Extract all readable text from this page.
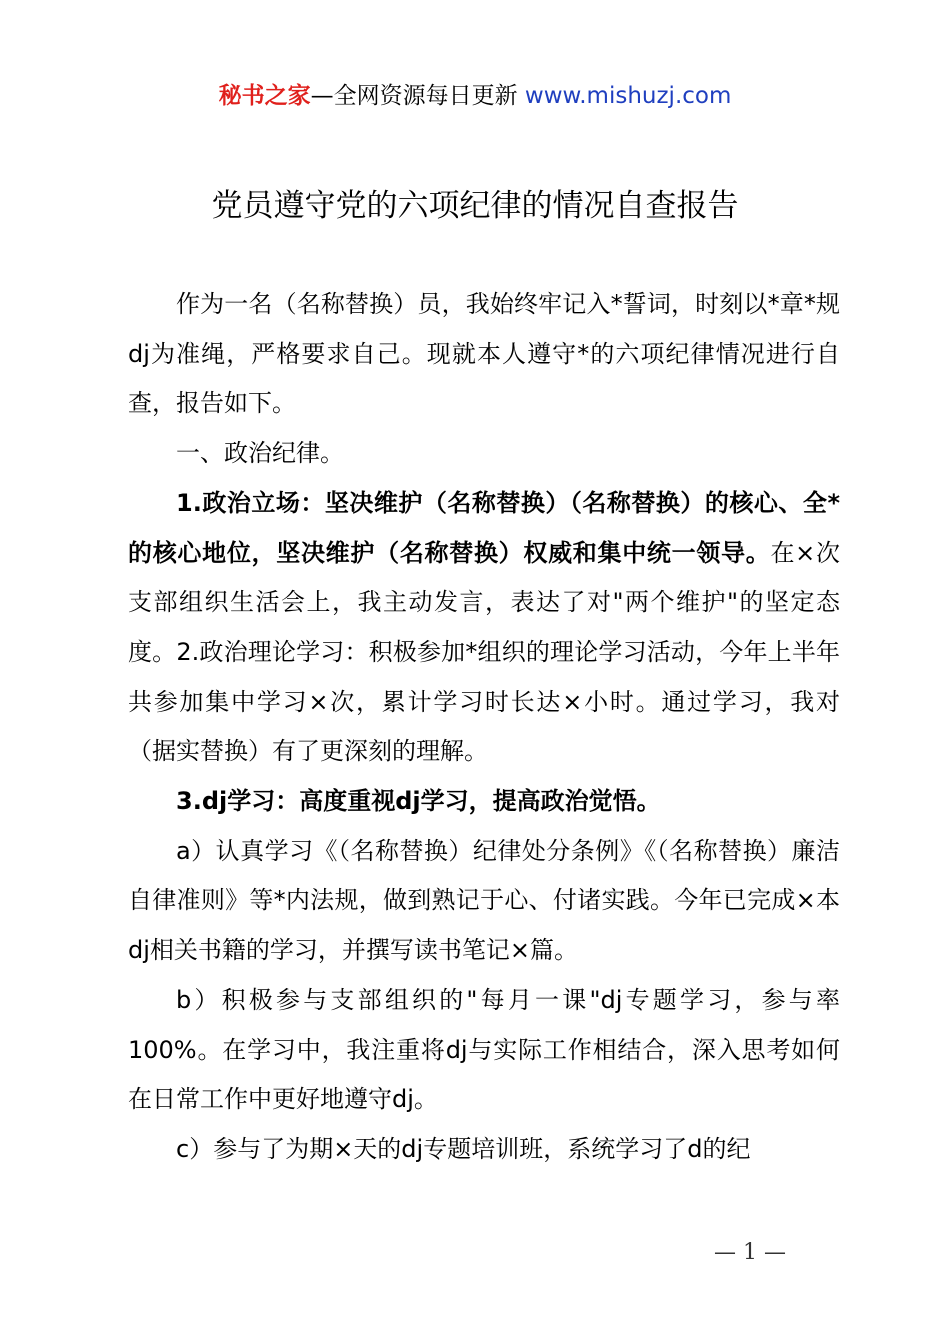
秘书之家—全网资源每日更新 www.mishuzj.com
党员遵守党的六项纪律的情况自查报告

作为一名（名称替换）员，我始终牢记入*誓词，时刻以*章*规dj为准绳，严格要求自己。现就本人遵守*的六项纪律情况进行自查，报告如下。

一、政治纪律。

1.政治立场：坚决维护（名称替换）（名称替换）的核心、全*的核心地位，坚决维护（名称替换）权威和集中统一领导。在×次支部组织生活会上，我主动发言，表达了对"两个维护"的坚定态度。2.政治理论学习：积极参加*组织的理论学习活动，今年上半年共参加集中学习×次，累计学习时长达×小时。通过学习，我对（据实替换）有了更深刻的理解。

3.dj学习：高度重视dj学习，提高政治觉悟。

a）认真学习《（名称替换）纪律处分条例》《（名称替换）廉洁自律准则》等*内法规，做到熟记于心、付诸实践。今年已完成×本dj相关书籍的学习，并撰写读书笔记×篇。

b）积极参与支部组织的"每月一课"dj专题学习，参与率100%。在学习中，我注重将dj与实际工作相结合，深入思考如何在日常工作中更好地遵守dj。

c）参与了为期×天的dj专题培训班，系统学习了d的纪

— 1 —
